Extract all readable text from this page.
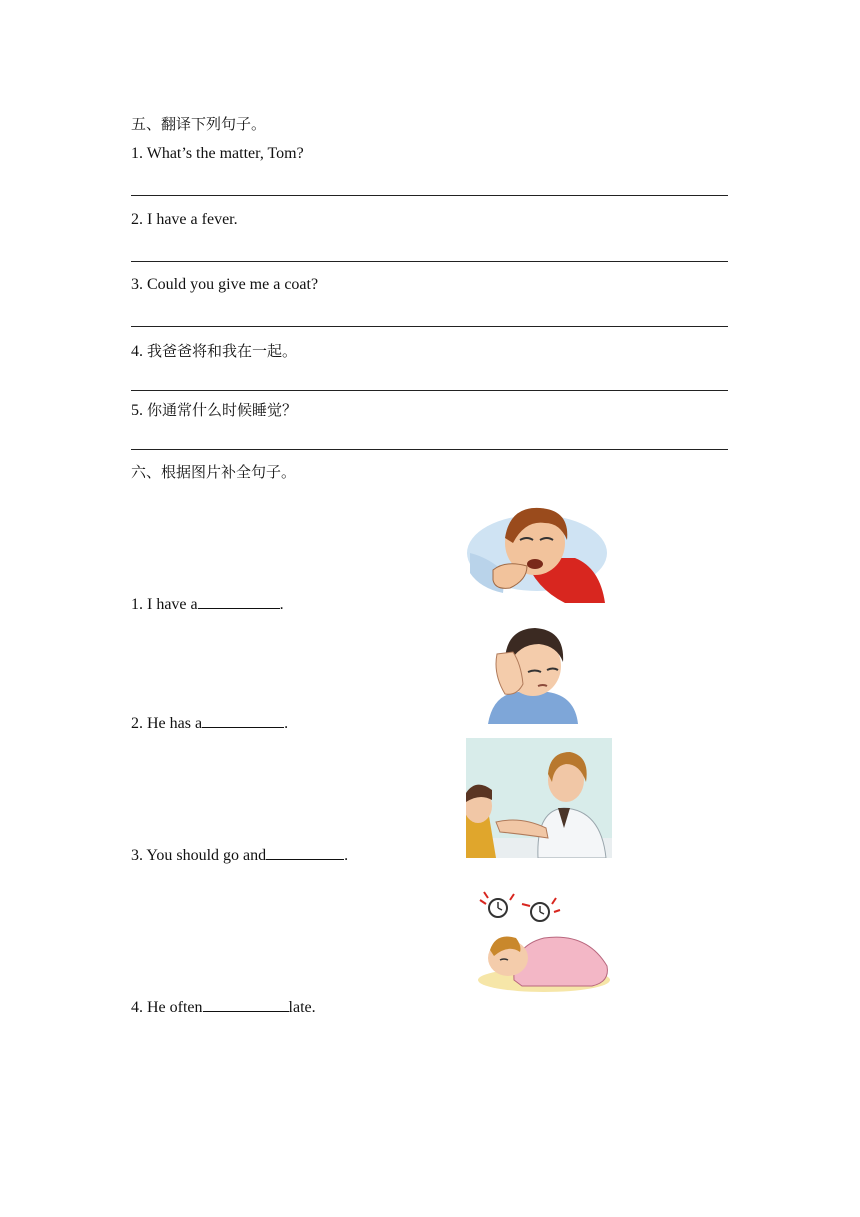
五、翻译下列句子。
1. What’s the matter, Tom?
2. I have a fever.
3. Could you give me a coat?
4. 我爸爸将和我在一起。
5. 你通常什么时候睡觉？
六、根据图片补全句子。
1. I have a	.
2. He has a	.
3. You should go and	.
4. He often	late.
